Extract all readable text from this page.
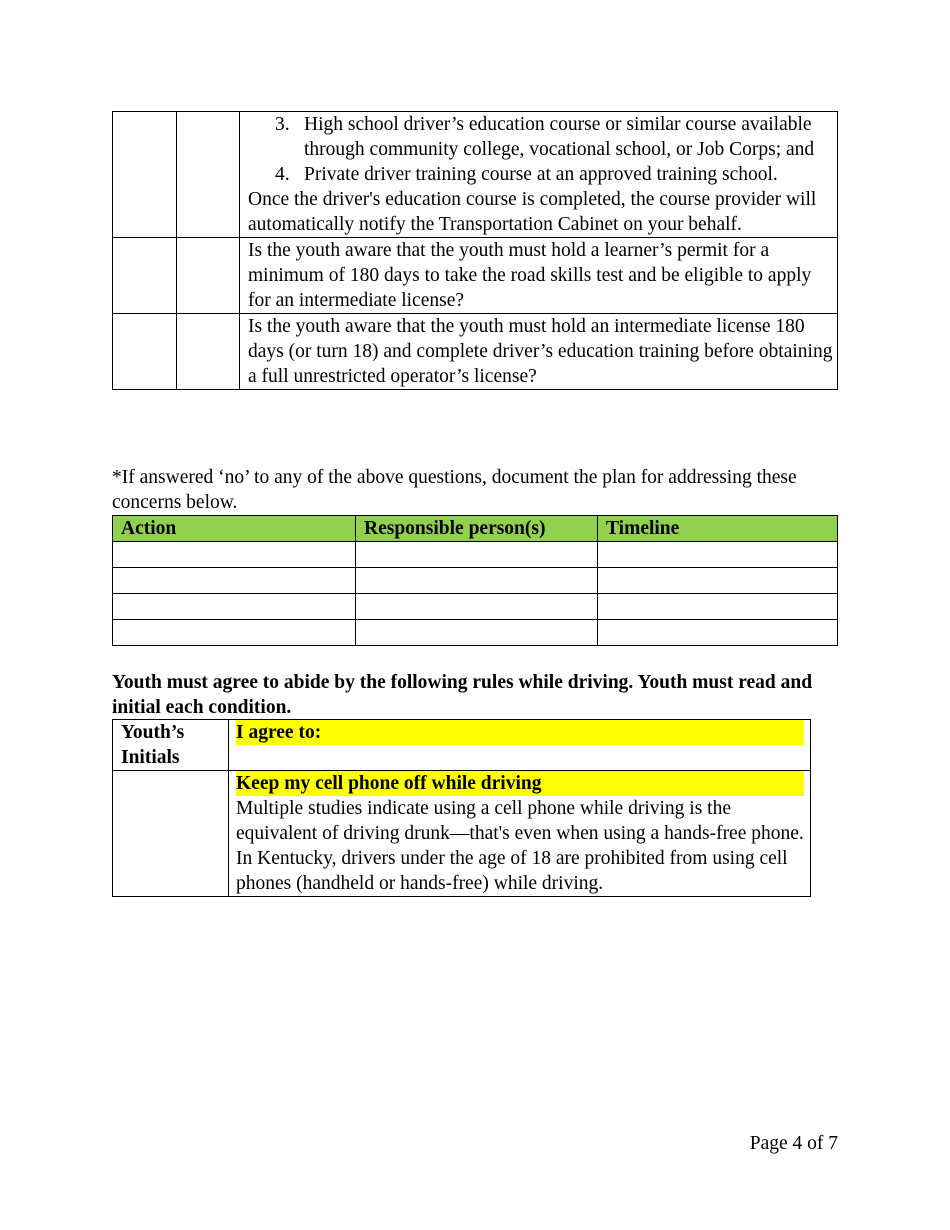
		3. High school driver’s education course or similar course available through community college, vocational school, or Job Corps; and
4. Private driver training course at an approved training school.
Once the driver's education course is completed, the course provider will automatically notify the Transportation Cabinet on your behalf.

		Is the youth aware that the youth must hold a learner’s permit for a minimum of 180 days to take the road skills test and be eligible to apply for an intermediate license?
		Is the youth aware that the youth must hold an intermediate license 180 days (or turn 18) and complete driver’s education training before obtaining a full unrestricted operator’s license?
*If answered ‘no’ to any of the above questions, document the plan for addressing these concerns below.
Action	Responsible person(s)	Timeline

Youth must agree to abide by the following rules while driving. Youth must read and initial each condition.
Youth’s Initials	I agree to:

	Keep my cell phone off while driving
Multiple studies indicate using a cell phone while driving is the equivalent of driving drunk—that's even when using a hands-free phone.
In Kentucky, drivers under the age of 18 are prohibited from using cell phones (handheld or hands-free) while driving.
Page 4 of 7
